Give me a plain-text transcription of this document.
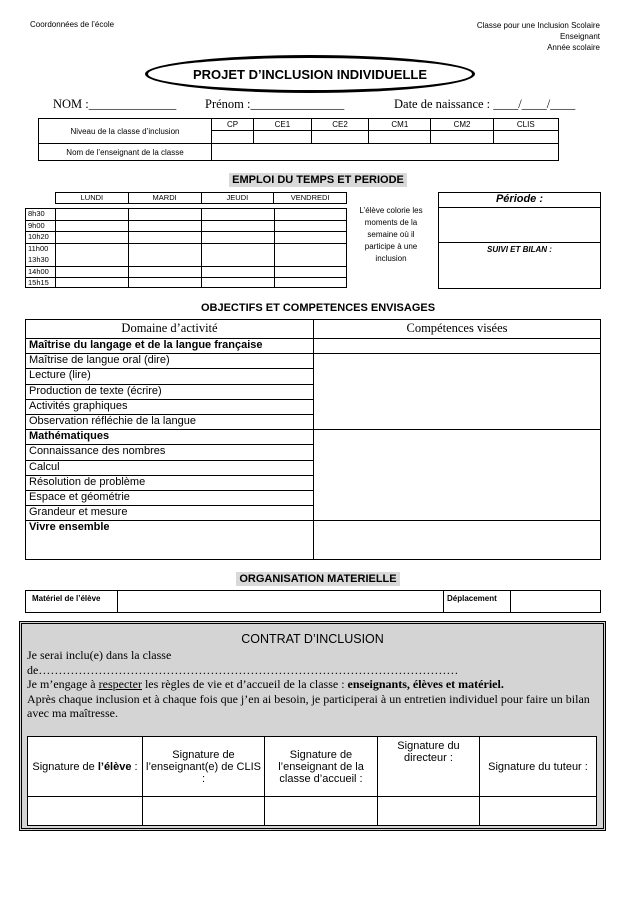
Coordonnées de l’école	Classe pour une Inclusion Scolaire
Enseignant
Année scolaire
PROJET D’INCLUSION INDIVIDUELLE
NOM :______________ Prénom :_______________	Date de naissance : ____/____/____
Niveau de la classe d’inclusion	CP	CE1	CE2	CM1	CM2	CLIS

Nom de l’enseignant de la classe						
EMPLOI DU TEMPS ET PERIODE
LUNDI	MARDI	JEUDI	VENDREDI
8h30
9h00
10h20
11h00
13h30
14h00
15h15
L’élève colorie les moments de la semaine où il participe à une inclusion
Période :
SUIVI ET BILAN :
OBJECTIFS ET COMPETENCES ENVISAGES
Domaine d’activité	Compétences visées
Maîtrise du langage et de la langue française
Maîtrise de langue oral (dire)
Lecture (lire)
Production de texte (écrire)
Activités graphiques
Observation réfléchie de la langue
Mathématiques
Connaissance des nombres
Calcul
Résolution de problème
Espace et géométrie
Grandeur et mesure
Vivre ensemble
ORGANISATION MATERIELLE
Matériel de l’élève	Déplacement
CONTRAT D’INCLUSION
Je serai inclu(e) dans la classe
de……………………………………………………………………………………………
Je m’engage à respecter les règles de vie et d’accueil de la classe : enseignants, élèves et matériel.
Après chaque inclusion et à chaque fois que j’en ai besoin, je participerai à un entretien individuel pour faire un bilan avec ma maîtresse.
Signature de l’élève :	Signature de l’enseignant(e) de CLIS :	Signature de l’enseignant de la classe d’accueil :	Signature du directeur :	Signature du tuteur :
